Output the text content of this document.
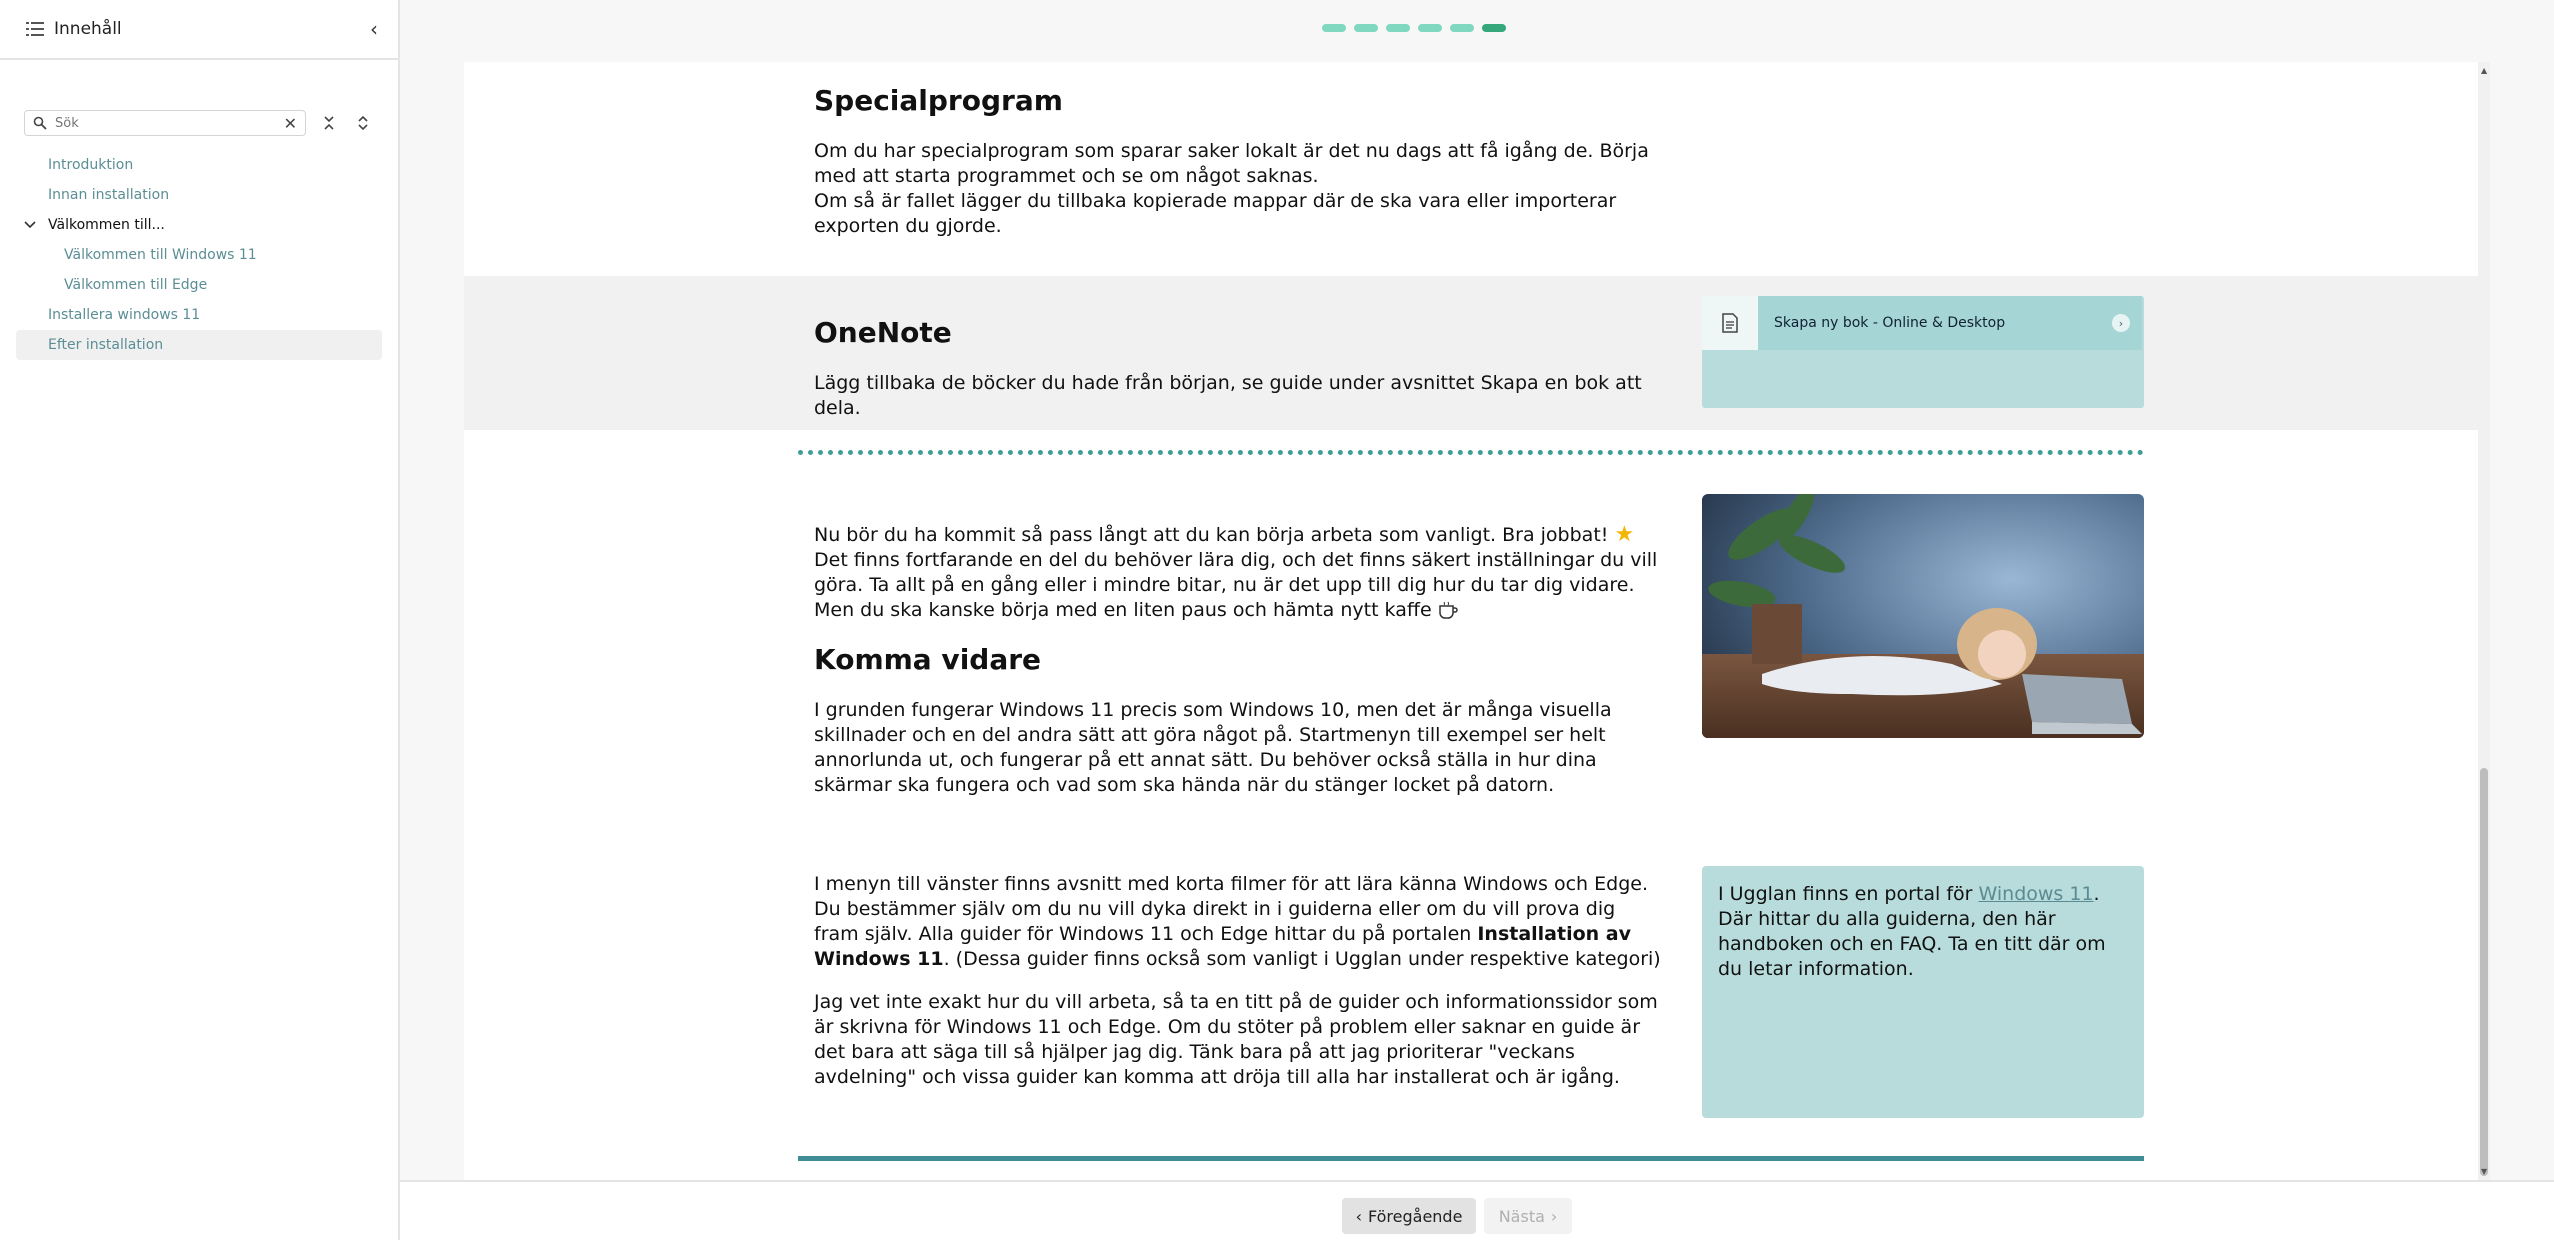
Innehåll	‹
Sök
✕
Introduktion
Innan installation
Välkommen till...
Välkommen till Windows 11
Välkommen till Edge
Installera windows 11
Efter installation
Specialprogram

Om du har specialprogram som sparar saker lokalt är det nu dags att få igång de. Börja med att starta programmet och se om något saknas.

Om så är fallet lägger du tillbaka kopierade mappar där de ska vara eller importerar exporten du gjorde.

OneNote

Lägg tillbaka de böcker du hade från början, se guide under avsnittet Skapa en bok att dela.

Skapa ny bok - Online & Desktop	›

Nu bör du ha kommit så pass långt att du kan börja arbeta som vanligt. Bra jobbat! ★

Det finns fortfarande en del du behöver lära dig, och det finns säkert inställningar du vill göra. Ta allt på en gång eller i mindre bitar, nu är det upp till dig hur du tar dig vidare. Men du ska kanske börja med en liten paus och hämta nytt kaffe

Komma vidare

I grunden fungerar Windows 11 precis som Windows 10, men det är många visuella skillnader och en del andra sätt att göra något på. Startmenyn till exempel ser helt annorlunda ut, och fungerar på ett annat sätt. Du behöver också ställa in hur dina skärmar ska fungera och vad som ska hända när du stänger locket på datorn.

I menyn till vänster finns avsnitt med korta filmer för att lära känna Windows och Edge. Du bestämmer själv om du nu vill dyka direkt in i guiderna eller om du vill prova dig fram själv. Alla guider för Windows 11 och Edge hittar du på portalen Installation av Windows 11. (Dessa guider finns också som vanligt i Ugglan under respektive kategori)

Jag vet inte exakt hur du vill arbeta, så ta en titt på de guider och informationssidor som är skrivna för Windows 11 och Edge. Om du stöter på problem eller saknar en guide är det bara att säga till så hjälper jag dig. Tänk bara på att jag prioriterar "veckans avdelning" och vissa guider kan komma att dröja till alla har installerat och är igång.

I Ugglan finns en portal för Windows 11. Där hittar du alla guiderna, den här handboken och en FAQ. Ta en titt där om du letar information.
▲
▼
‹ Föregående Nästa ›
